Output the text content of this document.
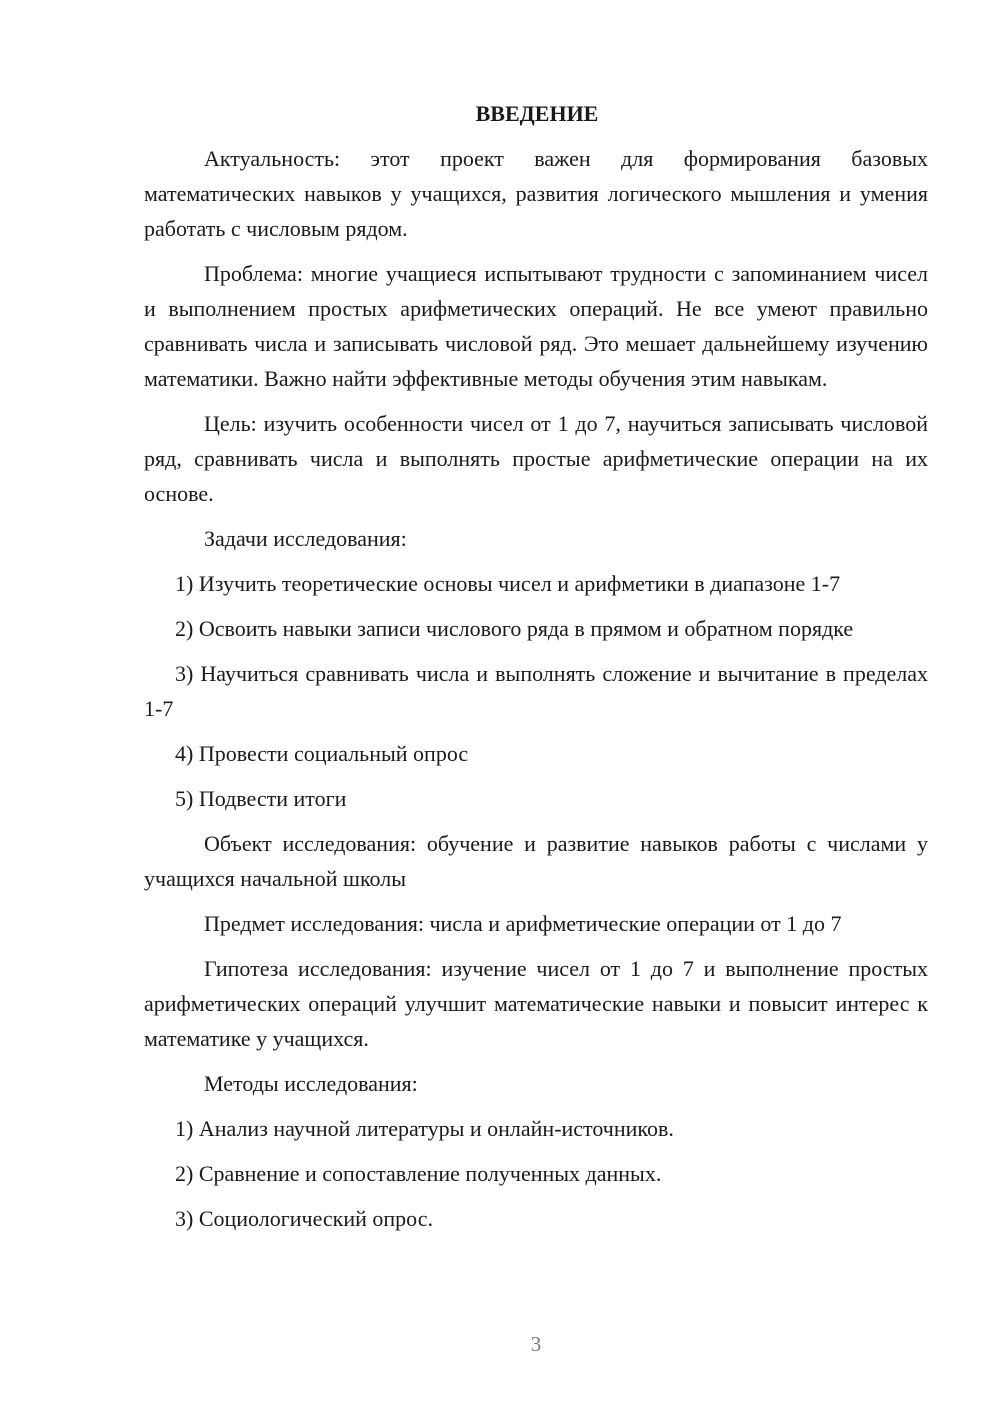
ВВЕДЕНИЕ

Актуальность: этот проект важен для формирования базовых математических навыков у учащихся, развития логического мышления и умения работать с числовым рядом.

Проблема: многие учащиеся испытывают трудности с запоминанием чисел и выполнением простых арифметических операций. Не все умеют правильно сравнивать числа и записывать числовой ряд. Это мешает дальнейшему изучению математики. Важно найти эффективные методы обучения этим навыкам.

Цель: изучить особенности чисел от 1 до 7, научиться записывать числовой ряд, сравнивать числа и выполнять простые арифметические операции на их основе.

Задачи исследования:

1) Изучить теоретические основы чисел и арифметики в диапазоне 1-7

2) Освоить навыки записи числового ряда в прямом и обратном порядке

3) Научиться сравнивать числа и выполнять сложение и вычитание в пределах 1-7

4) Провести социальный опрос

5) Подвести итоги

Объект исследования: обучение и развитие навыков работы с числами у учащихся начальной школы

Предмет исследования: числа и арифметические операции от 1 до 7

Гипотеза исследования: изучение чисел от 1 до 7 и выполнение простых арифметических операций улучшит математические навыки и повысит интерес к математике у учащихся.

Методы исследования:

1) Анализ научной литературы и онлайн-источников.

2) Сравнение и сопоставление полученных данных.

3) Социологический опрос.

3
